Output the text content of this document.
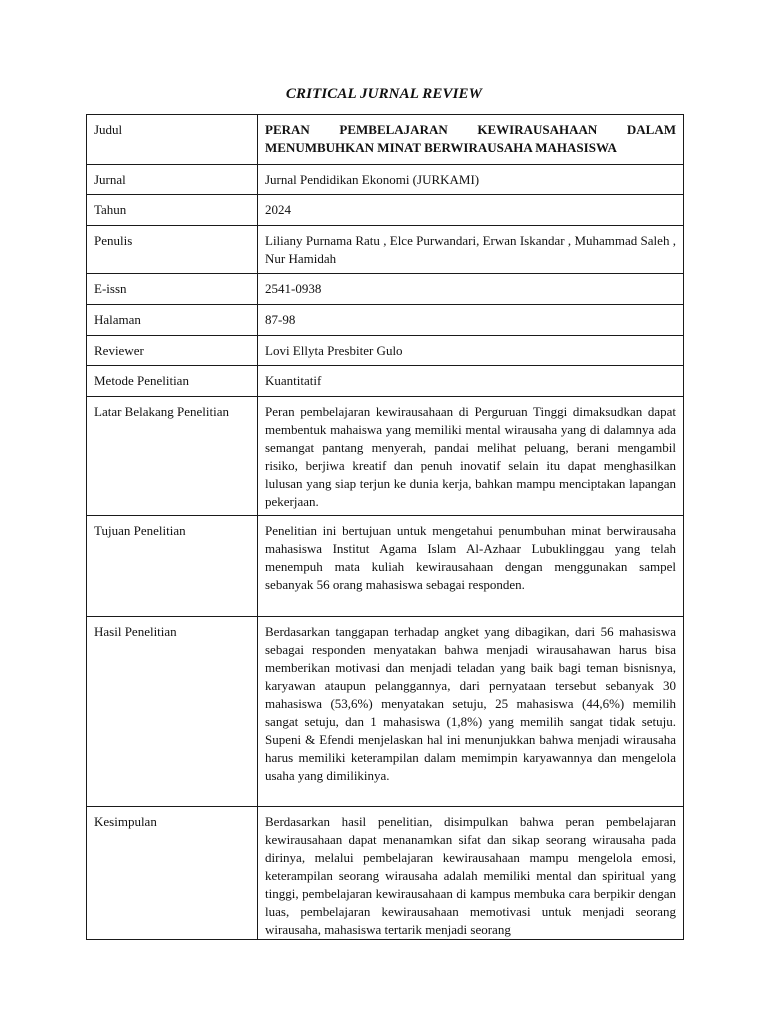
CRITICAL JURNAL REVIEW
Judul	PERAN PEMBELAJARAN KEWIRAUSAHAAN DALAM MENUMBUHKAN MINAT BERWIRAUSAHA MAHASISWA
Jurnal	Jurnal Pendidikan Ekonomi (JURKAMI)
Tahun	2024
Penulis	Liliany Purnama Ratu , Elce Purwandari, Erwan Iskandar , Muhammad Saleh , Nur Hamidah
E-issn	2541-0938
Halaman	87-98
Reviewer	Lovi Ellyta Presbiter Gulo
Metode Penelitian	Kuantitatif
Latar Belakang Penelitian	Peran pembelajaran kewirausahaan di Perguruan Tinggi dimaksudkan dapat membentuk mahaiswa yang memiliki mental wirausaha yang di dalamnya ada semangat pantang menyerah, pandai melihat peluang, berani mengambil risiko, berjiwa kreatif dan penuh inovatif selain itu dapat menghasilkan lulusan yang siap terjun ke dunia kerja, bahkan mampu menciptakan lapangan pekerjaan.
Tujuan Penelitian	Penelitian ini bertujuan untuk mengetahui penumbuhan minat berwirausaha mahasiswa Institut Agama Islam Al-Azhaar Lubuklinggau yang telah menempuh mata kuliah kewirausahaan dengan menggunakan sampel sebanyak 56 orang mahasiswa sebagai responden.
Hasil Penelitian	Berdasarkan tanggapan terhadap angket yang dibagikan, dari 56 mahasiswa sebagai responden menyatakan bahwa menjadi wirausahawan harus bisa memberikan motivasi dan menjadi teladan yang baik bagi teman bisnisnya, karyawan ataupun pelanggannya, dari pernyataan tersebut sebanyak 30 mahasiswa (53,6%) menyatakan setuju, 25 mahasiswa (44,6%) memilih sangat setuju, dan 1 mahasiswa (1,8%) yang memilih sangat tidak setuju. Supeni & Efendi menjelaskan hal ini menunjukkan bahwa menjadi wirausaha harus memiliki keterampilan dalam memimpin karyawannya dan mengelola usaha yang dimilikinya.
Kesimpulan	Berdasarkan hasil penelitian, disimpulkan bahwa peran pembelajaran kewirausahaan dapat menanamkan sifat dan sikap seorang wirausaha pada dirinya, melalui pembelajaran kewirausahaan mampu mengelola emosi, keterampilan seorang wirausaha adalah memiliki mental dan spiritual yang tinggi, pembelajaran kewirausahaan di kampus membuka cara berpikir dengan luas, pembelajaran kewirausahaan memotivasi untuk menjadi seorang wirausaha, mahasiswa tertarik menjadi seorang
